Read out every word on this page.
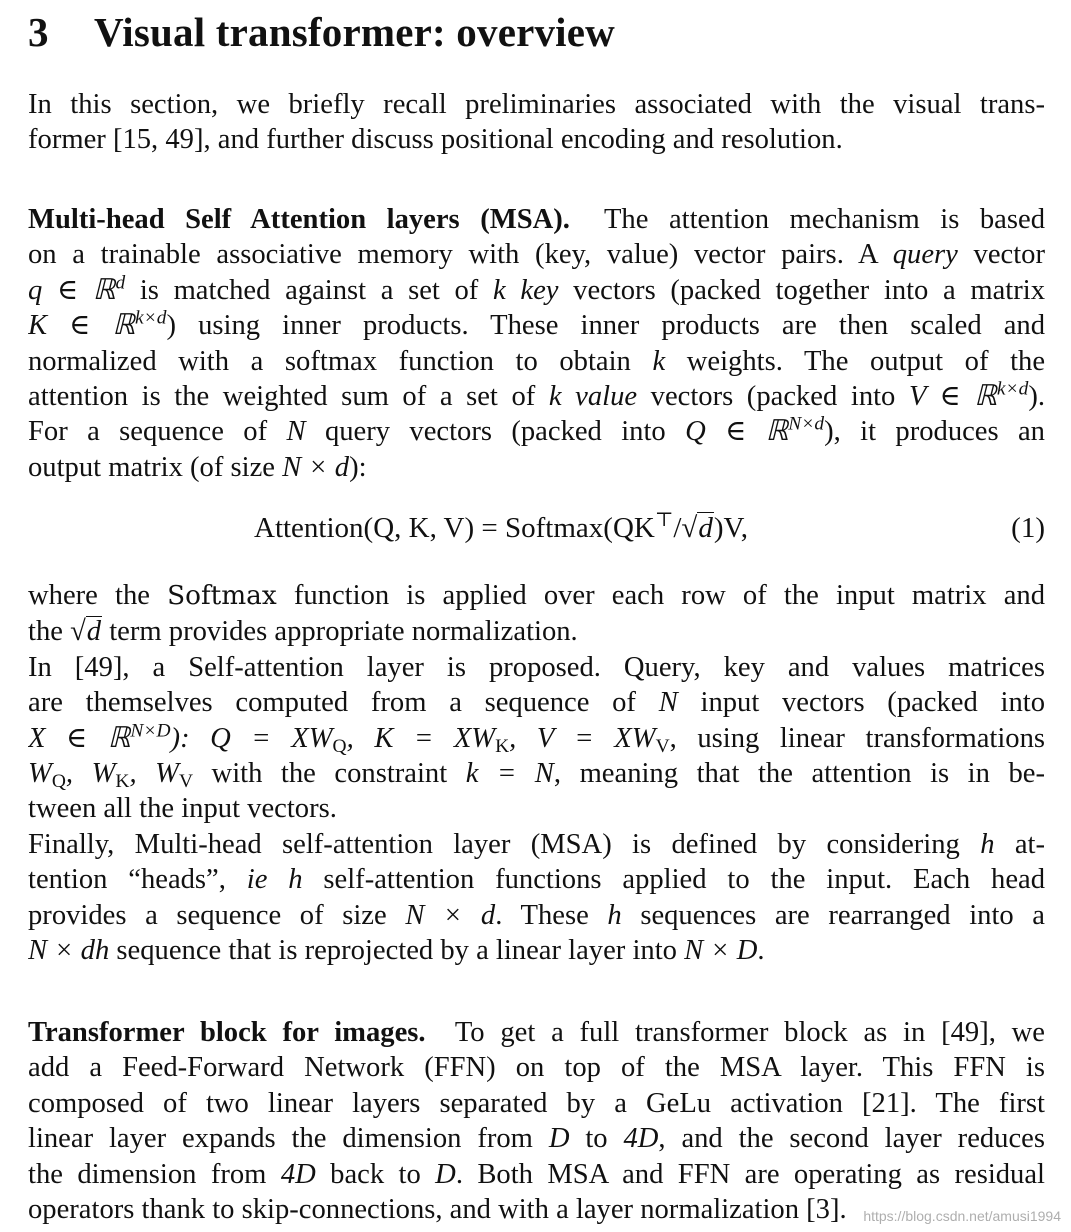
3 Visual transformer: overview
In this section, we briefly recall preliminaries associated with the visual trans-
former [15, 49], and further discuss positional encoding and resolution.
Multi-head Self Attention layers (MSA). The attention mechanism is based
on a trainable associative memory with (key, value) vector pairs. A query vector
q ∈ ℝ$^d$ is matched against a set of k key vectors (packed together into a matrix
K ∈ ℝ$^{k\times d}$) using inner products. These inner products are then scaled and
normalized with a softmax function to obtain k weights. The output of the
attention is the weighted sum of a set of k value vectors (packed into V ∈ ℝ$^{k\times d}$).
For a sequence of N query vectors (packed into Q ∈ ℝ$^{N\times d}$), it produces an
output matrix (of size N × d):
Attention(Q, K, V) = Softmax(QK⊤/√d)V,	(1)
where the Softmax function is applied over each row of the input matrix and
the √d term provides appropriate normalization.
In [49], a Self-attention layer is proposed. Query, key and values matrices
are themselves computed from a sequence of N input vectors (packed into
X ∈ ℝ$^{N\times D}$): Q = XWQ, K = XWK, V = XWV, using linear transformations
WQ, WK, WV with the constraint k = N, meaning that the attention is in be-
tween all the input vectors.
Finally, Multi-head self-attention layer (MSA) is defined by considering h at-
tention “heads”, ie h self-attention functions applied to the input. Each head
provides a sequence of size N × d. These h sequences are rearranged into a
N × dh sequence that is reprojected by a linear layer into N × D.
Transformer block for images. To get a full transformer block as in [49], we
add a Feed-Forward Network (FFN) on top of the MSA layer. This FFN is
composed of two linear layers separated by a GeLu activation [21]. The first
linear layer expands the dimension from D to 4D, and the second layer reduces
the dimension from 4D back to D. Both MSA and FFN are operating as residual
operators thank to skip-connections, and with a layer normalization [3].	https://blog.csdn.net/amusi1994
